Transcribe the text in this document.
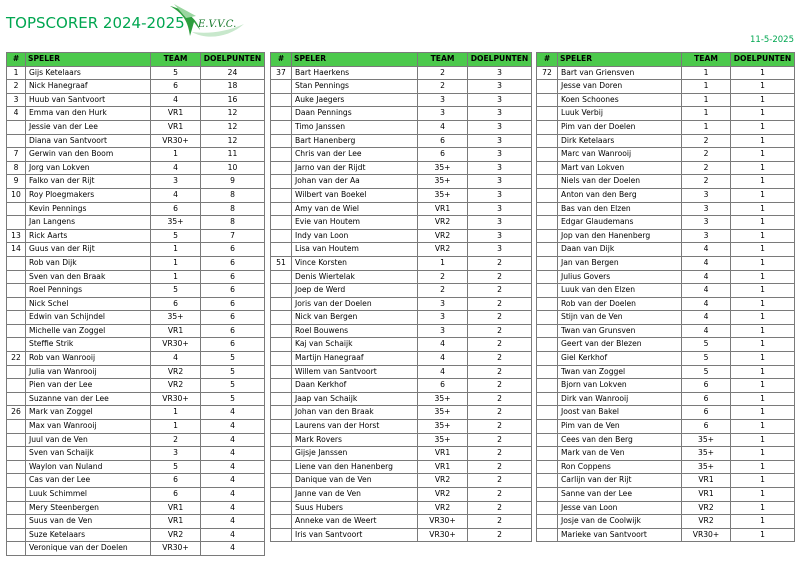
TOPSCORER 2024-2025 E.V.V.C.
11-5-2025
#	SPELER	TEAM	DOELPUNTEN
1	Gijs Ketelaars	5	24
2	Nick Hanegraaf	6	18
3	Huub van Santvoort	4	16
4	Emma van den Hurk	VR1	12
	Jessie van der Lee	VR1	12
	Diana van Santvoort	VR30+	12
7	Gerwin van den Boom	1	11
8	Jorg van Lokven	4	10
9	Falko van der Rijt	3	9
10	Roy Ploegmakers	4	8
	Kevin Pennings	6	8
	Jan Langens	35+	8
13	Rick Aarts	5	7
14	Guus van der Rijt	1	6
	Rob van Dijk	1	6
	Sven van den Braak	1	6
	Roel Pennings	5	6
	Nick Schel	6	6
	Edwin van Schijndel	35+	6
	Michelle van Zoggel	VR1	6
	Steffie Strik	VR30+	6
22	Rob van Wanrooij	4	5
	Julia van Wanrooij	VR2	5
	Pien van der Lee	VR2	5
	Suzanne van der Lee	VR30+	5
26	Mark van Zoggel	1	4
	Max van Wanrooij	1	4
	Juul van de Ven	2	4
	Sven van Schaijk	3	4
	Waylon van Nuland	5	4
	Cas van der Lee	6	4
	Luuk Schimmel	6	4
	Mery Steenbergen	VR1	4
	Suus van de Ven	VR1	4
	Suze Ketelaars	VR2	4
	Veronique van der Doelen	VR30+	4
#	SPELER	TEAM	DOELPUNTEN
37	Bart Haerkens	2	3
	Stan Pennings	2	3
	Auke Jaegers	3	3
	Daan Pennings	3	3
	Timo Janssen	4	3
	Bart Hanenberg	6	3
	Chris van der Lee	6	3
	Jarno van der Rijdt	35+	3
	Johan van der Aa	35+	3
	Wilbert van Boekel	35+	3
	Amy van de Wiel	VR1	3
	Evie van Houtem	VR2	3
	Indy van Loon	VR2	3
	Lisa van Houtem	VR2	3
51	Vince Korsten	1	2
	Denis Wiertelak	2	2
	Joep de Werd	2	2
	Joris van der Doelen	3	2
	Nick van Bergen	3	2
	Roel Bouwens	3	2
	Kaj van Schaijk	4	2
	Martijn Hanegraaf	4	2
	Willem van Santvoort	4	2
	Daan Kerkhof	6	2
	Jaap van Schaijk	35+	2
	Johan van den Braak	35+	2
	Laurens van der Horst	35+	2
	Mark Rovers	35+	2
	Gijsje Janssen	VR1	2
	Liene van den Hanenberg	VR1	2
	Danique van de Ven	VR2	2
	Janne van de Ven	VR2	2
	Suus Hubers	VR2	2
	Anneke van de Weert	VR30+	2
	Iris van Santvoort	VR30+	2
#	SPELER	TEAM	DOELPUNTEN
72	Bart van Griensven	1	1
	Jesse van Doren	1	1
	Koen Schoones	1	1
	Luuk Verbij	1	1
	Pim van der Doelen	1	1
	Dirk Ketelaars	2	1
	Marc van Wanrooij	2	1
	Mart van Lokven	2	1
	Niels van der Doelen	2	1
	Anton van den Berg	3	1
	Bas van den Elzen	3	1
	Edgar Glaudemans	3	1
	Jop van den Hanenberg	3	1
	Daan van Dijk	4	1
	Jan van Bergen	4	1
	Julius Govers	4	1
	Luuk van den Elzen	4	1
	Rob van der Doelen	4	1
	Stijn van de Ven	4	1
	Twan van Grunsven	4	1
	Geert van der Blezen	5	1
	Giel Kerkhof	5	1
	Twan van Zoggel	5	1
	Bjorn van Lokven	6	1
	Dirk van Wanrooij	6	1
	Joost van Bakel	6	1
	Pim van de Ven	6	1
	Cees van den Berg	35+	1
	Mark van de Ven	35+	1
	Ron Coppens	35+	1
	Carlijn van der Rijt	VR1	1
	Sanne van der Lee	VR1	1
	Jesse van Loon	VR2	1
	Josje van de Coolwijk	VR2	1
	Marieke van Santvoort	VR30+	1
